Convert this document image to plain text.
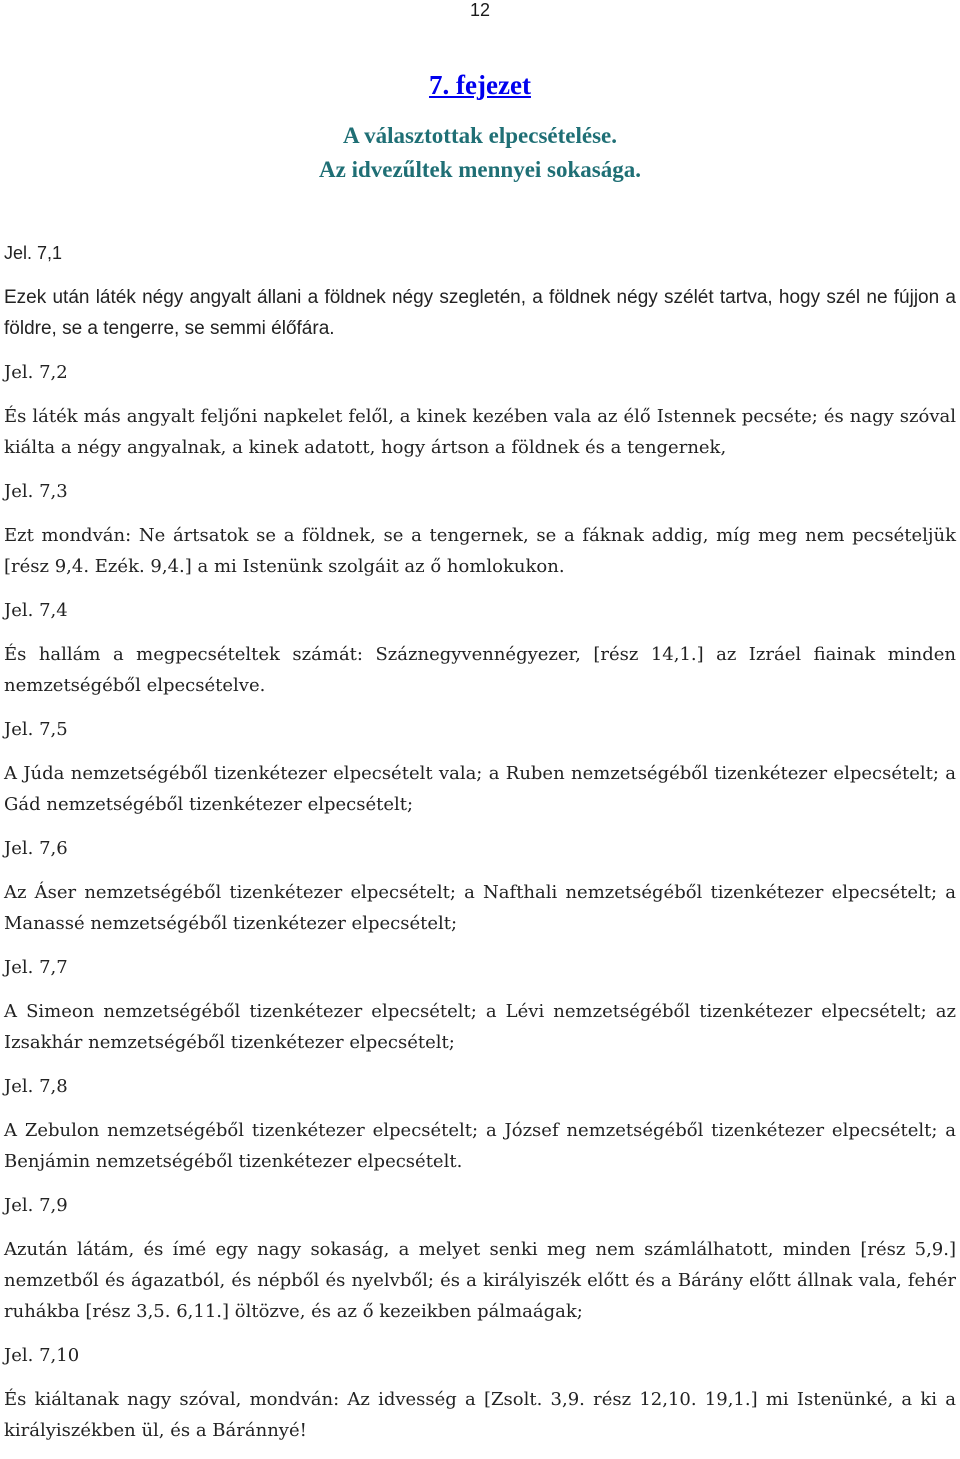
12
7. fejezet
A választottak elpecsételése.
Az idvezűltek mennyei sokasága.

Jel. 7,1

Ezek után láték négy angyalt állani a földnek négy szegletén, a földnek négy szélét tartva, hogy szél ne fújjon a földre, se a tengerre, se semmi élőfára.

Jel. 7,2

És láték más angyalt feljőni napkelet felől, a kinek kezében vala az élő Istennek pecséte; és nagy szóval kiálta a négy angyalnak, a kinek adatott, hogy ártson a földnek és a tengernek,

Jel. 7,3

Ezt mondván: Ne ártsatok se a földnek, se a tengernek, se a fáknak addig, míg meg nem pecsételjük [rész 9,4. Ezék. 9,4.] a mi Istenünk szolgáit az ő homlokukon.

Jel. 7,4

És hallám a megpecsételtek számát: Száznegyvennégyezer, [rész 14,1.] az Izráel fiainak minden nemzetségéből elpecsételve.

Jel. 7,5

A Júda nemzetségéből tizenkétezer elpecsételt vala; a Ruben nemzetségéből tizenkétezer elpecsételt; a Gád nemzetségéből tizenkétezer elpecsételt;

Jel. 7,6

Az Áser nemzetségéből tizenkétezer elpecsételt; a Nafthali nemzetségéből tizenkétezer elpecsételt; a Manassé nemzetségéből tizenkétezer elpecsételt;

Jel. 7,7

A Simeon nemzetségéből tizenkétezer elpecsételt; a Lévi nemzetségéből tizenkétezer elpecsételt; az Izsakhár nemzetségéből tizenkétezer elpecsételt;

Jel. 7,8

A Zebulon nemzetségéből tizenkétezer elpecsételt; a József nemzetségéből tizenkétezer elpecsételt; a Benjámin nemzetségéből tizenkétezer elpecsételt.

Jel. 7,9

Azután látám, és ímé egy nagy sokaság, a melyet senki meg nem számlálhatott, minden [rész 5,9.] nemzetből és ágazatból, és népből és nyelvből; és a királyiszék előtt és a Bárány előtt állnak vala, fehér ruhákba [rész 3,5. 6,11.] öltözve, és az ő kezeikben pálmaágak;

Jel. 7,10

És kiáltanak nagy szóval, mondván: Az idvesség a [Zsolt. 3,9. rész 12,10. 19,1.] mi Istenünké, a ki a királyiszékben ül, és a Báránnyé!
